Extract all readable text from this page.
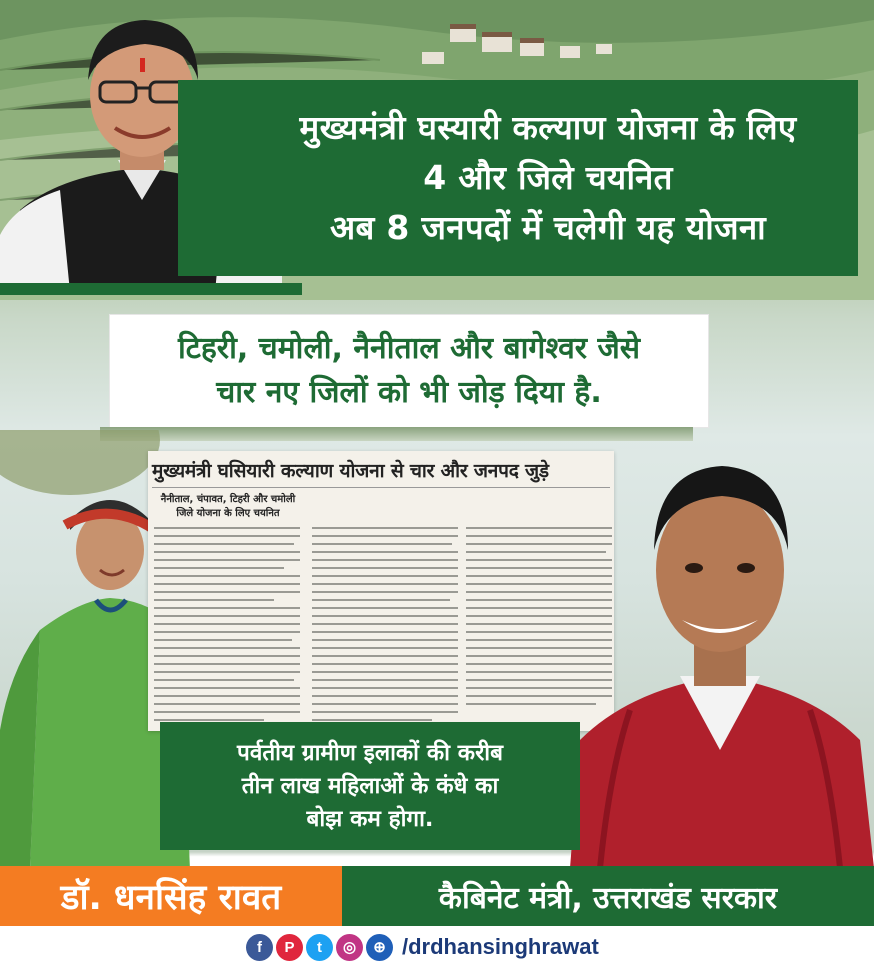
मुख्यमंत्री घस्यारी कल्याण योजना के लिए
4 और जिले चयनित
अब 8 जनपदों में चलेगी यह योजना
टिहरी, चमोली, नैनीताल और बागेश्वर जैसे
चार नए जिलों को भी जोड़ दिया है.
मुख्यमंत्री घसियारी कल्याण योजना से चार और जनपद जुड़े
नैनीताल, चंपावत, टिहरी और चमोली जिले योजना के लिए चयनित
पर्वतीय ग्रामीण इलाकों की करीब
तीन लाख महिलाओं के कंधे का
बोझ कम होगा.
डॉ. धनसिंह रावत	कैबिनेट मंत्री, उत्तराखंड सरकार
f	P	t	◎	⊕ /drdhansinghrawat
